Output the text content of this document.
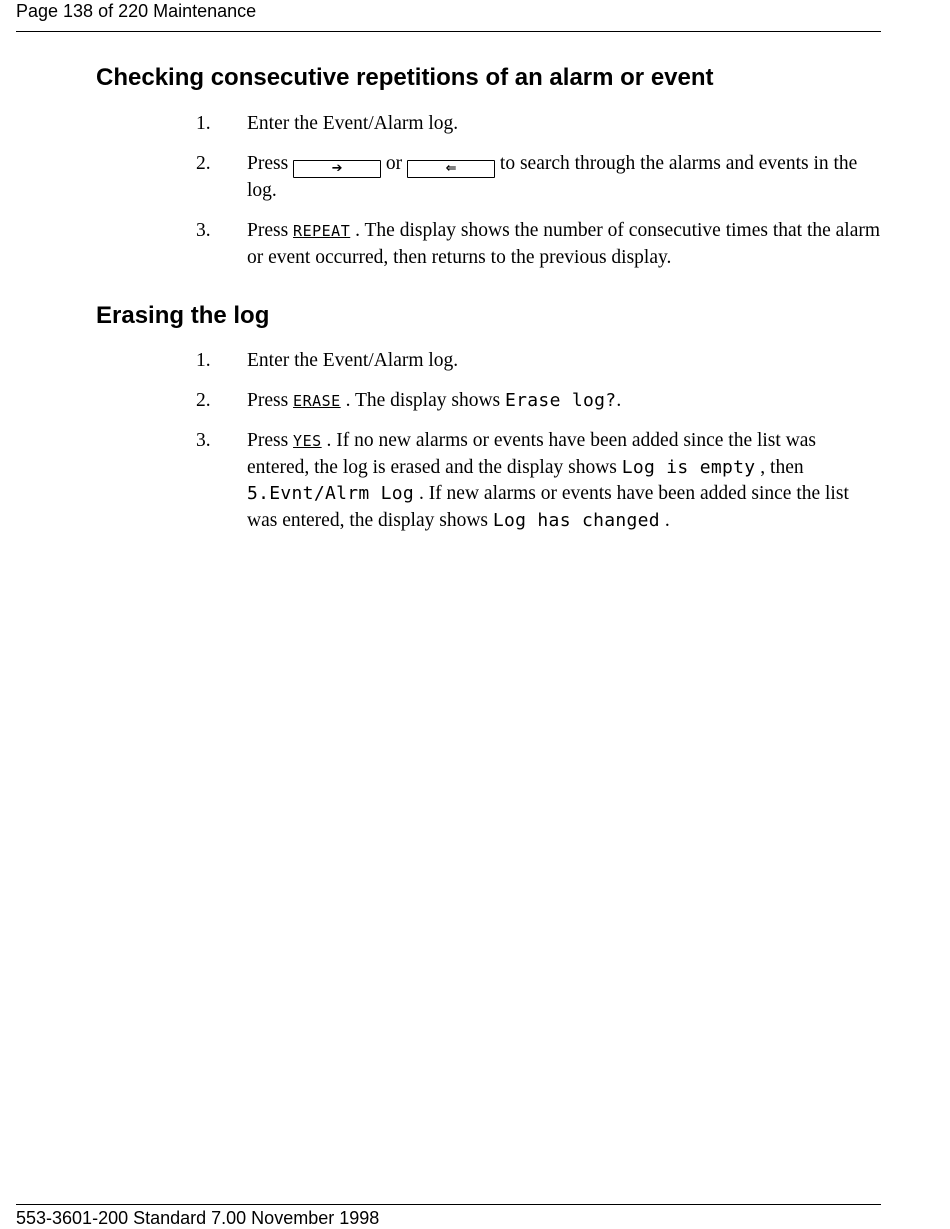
Page 138 of 220 Maintenance
Checking consecutive repetitions of an alarm or event
1. Enter the Event/Alarm log.
2. Press	➔ or	⇐ to search through the alarms and events in the log.
3. Press REPEAT . The display shows the number of consecutive times that the alarm or event occurred, then returns to the previous display.
Erasing the log
1. Enter the Event/Alarm log.
2. Press ERASE . The display shows Erase log?.
3. Press YES . If no new alarms or events have been added since the list was entered, the log is erased and the display shows Log is empty , then 5.Evnt/Alrm Log . If new alarms or events have been added since the list was entered, the display shows Log has changed .
553-3601-200 Standard 7.00 November 1998
